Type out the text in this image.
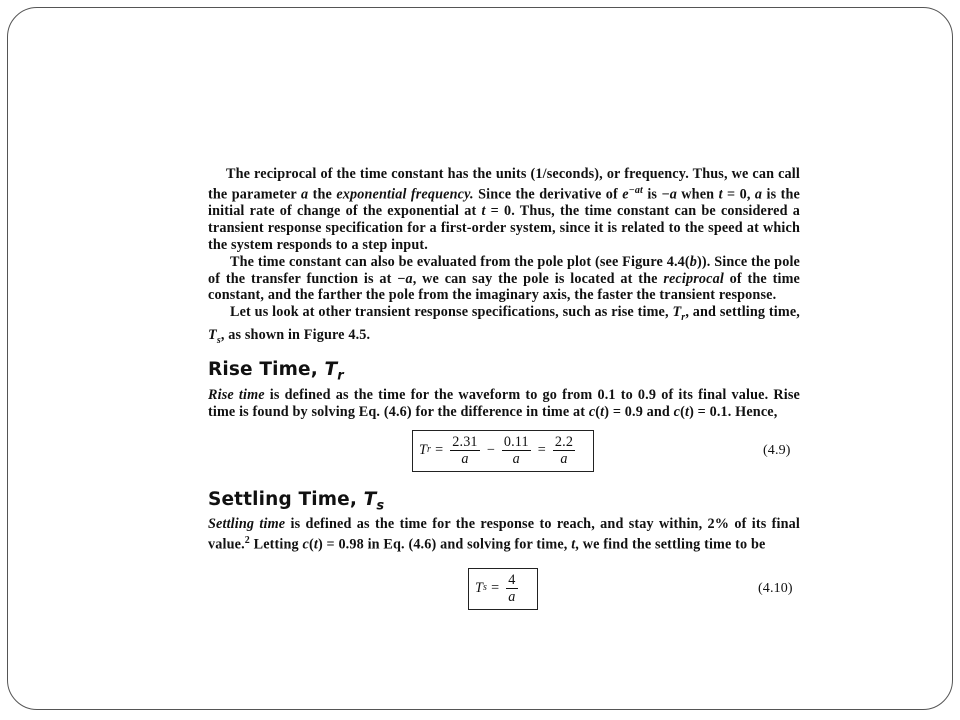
The reciprocal of the time constant has the units (1/seconds), or frequency. Thus, we can call the parameter a the exponential frequency. Since the derivative of $e^{-at}$ is −a when t = 0, a is the initial rate of change of the exponential at t = 0. Thus, the time constant can be considered a transient response specification for a first-order system, since it is related to the speed at which the system responds to a step input.

The time constant can also be evaluated from the pole plot (see Figure 4.4(b)). Since the pole of the transfer function is at −a, we can say the pole is located at the reciprocal of the time constant, and the farther the pole from the imaginary axis, the faster the transient response.

Let us look at other transient response specifications, such as rise time, $T_r$, and settling time, $T_s$, as shown in Figure 4.5.

Rise Time, $T_r$

Rise time is defined as the time for the waveform to go from 0.1 to 0.9 of its final value. Rise time is found by solving Eq. (4.6) for the difference in time at c(t) = 0.9 and c(t) = 0.1. Hence,

T $r = \frac{2.31}{a} - \frac{0.11}{a} = \frac{2.2}{a}$	(4.9)
Settling Time, $T_s$

Settling time is defined as the time for the response to reach, and stay within, 2% of its final value.$^2$ Letting c(t) = 0.98 in Eq. (4.6) and solving for time, t, we find the settling time to be

T $s = \frac{4}{a}$	(4.10)
